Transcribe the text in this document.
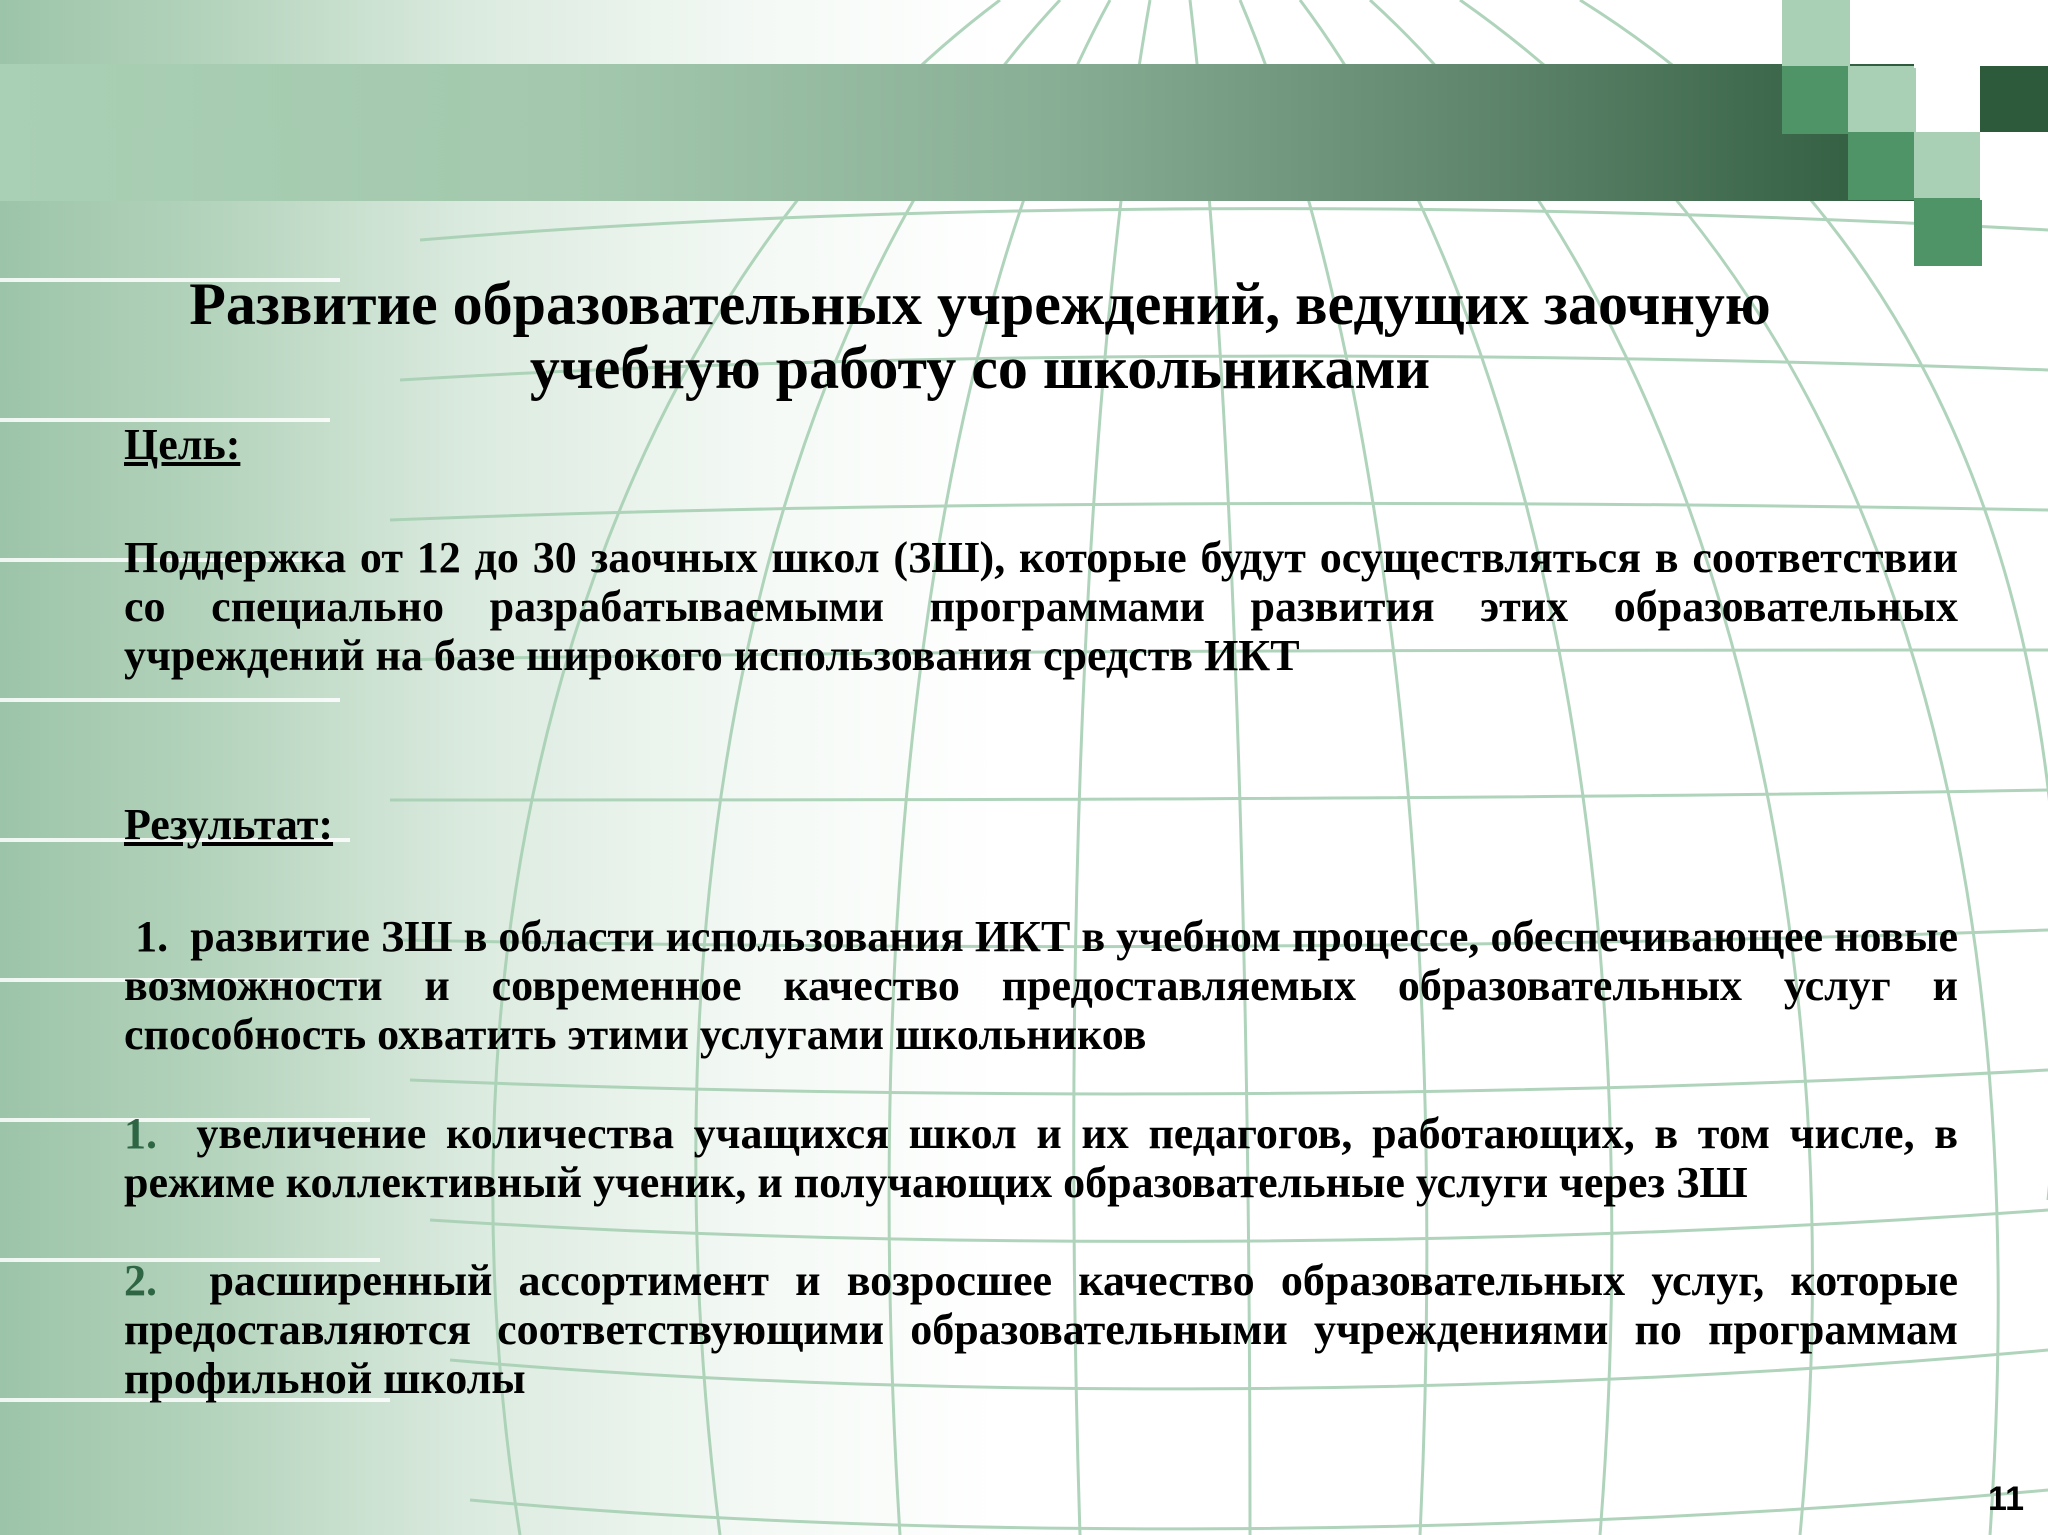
Развитие образовательных учреждений, ведущих заочную
учебную работу со школьниками

Цель:

Поддержка от 12 до 30 заочных школ (ЗШ), которые будут осуществляться в соответствии со специально разрабатываемыми программами развития этих образовательных учреждений на базе широкого использования средств ИКТ

Результат:

1. развитие ЗШ в области использования ИКТ в учебном процессе, обеспечивающее новые возможности и современное качество предоставляемых образовательных услуг и способность охватить этими услугами школьников

1. увеличение количества учащихся школ и их педагогов, работающих, в том числе, в режиме коллективный ученик, и получающих образовательные услуги через ЗШ

2. расширенный ассортимент и возросшее качество образовательных услуг, которые предоставляются соответствующими образовательными учреждениями по программам профильной школы

11
